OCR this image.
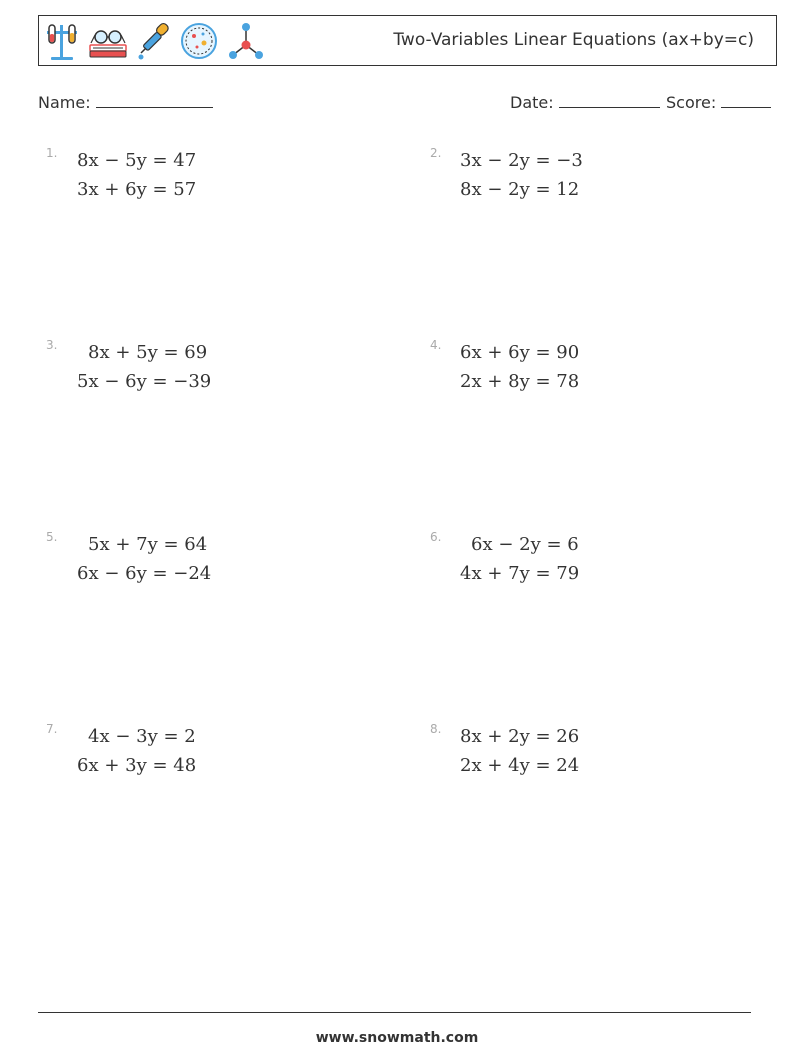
Two-Variables Linear Equations (ax+by=c)
Name:	Date:	Score:
1. 8x − 5y = 47
3x + 6y = 57
2. 3x − 2y = −3
8x − 2y = 12
3. 8x + 5y = 69
5x − 6y = −39
4. 6x + 6y = 90
2x + 8y = 78
5. 5x + 7y = 64
6x − 6y = −24
6. 6x − 2y = 6
4x + 7y = 79
7. 4x − 3y = 2
6x + 3y = 48
8. 8x + 2y = 26
2x + 4y = 24
www.snowmath.com
